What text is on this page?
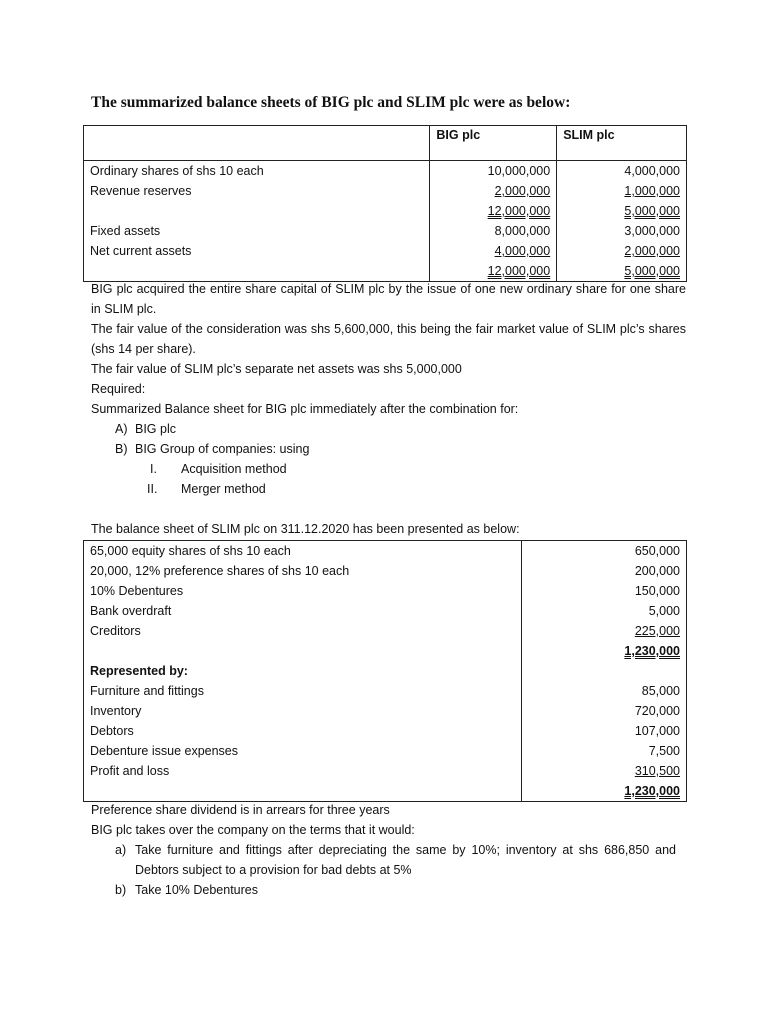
The summarized balance sheets of BIG plc and SLIM plc were as below:
	BIG plc	SLIM plc
Ordinary shares of shs 10 each	10,000,000	4,000,000
Revenue reserves	2,000,000	1,000,000
	12,000,000	5,000,000
Fixed assets	8,000,000	3,000,000
Net current assets	4,000,000	2,000,000
	12,000,000	5,000,000
BIG plc acquired the entire share capital of SLIM plc by the issue of one new ordinary share for one share in SLIM plc.
The fair value of the consideration was shs 5,600,000, this being the fair market value of SLIM plc’s shares (shs 14 per share).
The fair value of SLIM plc’s separate net assets was shs 5,000,000
Required:
Summarized Balance sheet for BIG plc immediately after the combination for:
A) BIG plc
B) BIG Group of companies: using
I. Acquisition method
II. Merger method
The balance sheet of SLIM plc on 311.12.2020 has been presented as below:
65,000 equity shares of shs 10 each	650,000
20,000, 12% preference shares of shs 10 each	200,000
10% Debentures	150,000
Bank overdraft	5,000
Creditors	225,000
	1,230,000
Represented by:	
Furniture and fittings	85,000
Inventory	720,000
Debtors	107,000
Debenture issue expenses	7,500
Profit and loss	310,500
	1,230,000
Preference share dividend is in arrears for three years
BIG plc takes over the company on the terms that it would:
a) Take furniture and fittings after depreciating the same by 10%; inventory at shs 686,850 and Debtors subject to a provision for bad debts at 5%
b) Take 10% Debentures
